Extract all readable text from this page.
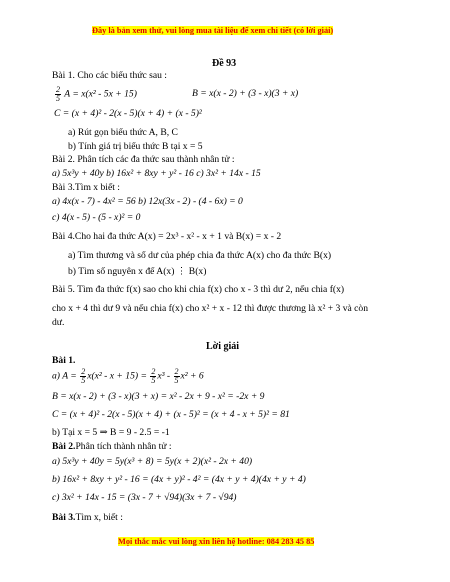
Đây là bản xem thử, vui lòng mua tài liệu để xem chi tiết (có lời giải)
Đề 93
Bài 1. Cho các biểu thức sau :
$\frac{2}{5}$ A = x(x² - 5x + 15)	B = x(x - 2) + (3 - x)(3 + x)
C = (x + 4)² - 2(x - 5)(x + 4) + (x - 5)²
a) Rút gọn biểu thức A, B, C
b) Tính giá trị biểu thức B tại x = 5
Bài 2. Phân tích các đa thức sau thành nhân tử :
a) 5x³y + 40y b) 16x² + 8xy + y² - 16 c) 3x² + 14x - 15
Bài 3.Tìm x biết :
a) 4x(x - 7) - 4x² = 56 b) 12x(3x - 2) - (4 - 6x) = 0
c) 4(x - 5) - (5 - x)² = 0
Bài 4.Cho hai đa thức A(x) = 2x³ - x² - x + 1 và B(x) = x - 2
a) Tìm thương và số dư của phép chia đa thức A(x) cho đa thức B(x)
b) Tìm số nguyên x để A(x) ⋮ B(x)
Bài 5. Tìm đa thức f(x) sao cho khi chia f(x) cho x - 3 thì dư 2, nếu chia f(x)
cho x + 4 thì dư 9 và nếu chia f(x) cho x² + x - 12 thì được thương là x² + 3 và còn
dư.
Lời giải
Bài 1.
a) $A = \frac{2}{5} x(x^2 - x + 15) = \frac{2}{5} x^3 - \frac{2}{5} x^2 + 6$
B = x(x - 2) + (3 - x)(3 + x) = x² - 2x + 9 - x² = -2x + 9
C = (x + 4)² - 2(x - 5)(x + 4) + (x - 5)² = (x + 4 - x + 5)² = 81
b) Tại x = 5 ⇒ B = 9 - 2.5 = -1
Bài 2.Phân tích thành nhân tử :
a) 5x³y + 40y = 5y(x³ + 8) = 5y(x + 2)(x² - 2x + 40)
b) 16x² + 8xy + y² - 16 = (4x + y)² - 4² = (4x + y + 4)(4x + y + 4)
c) 3x² + 14x - 15 = (3x - 7 + √94)(3x + 7 - √94)
Bài 3.Tìm x, biết :
Mọi thắc mắc vui lòng xin liên hệ hotline: 084 283 45 85
